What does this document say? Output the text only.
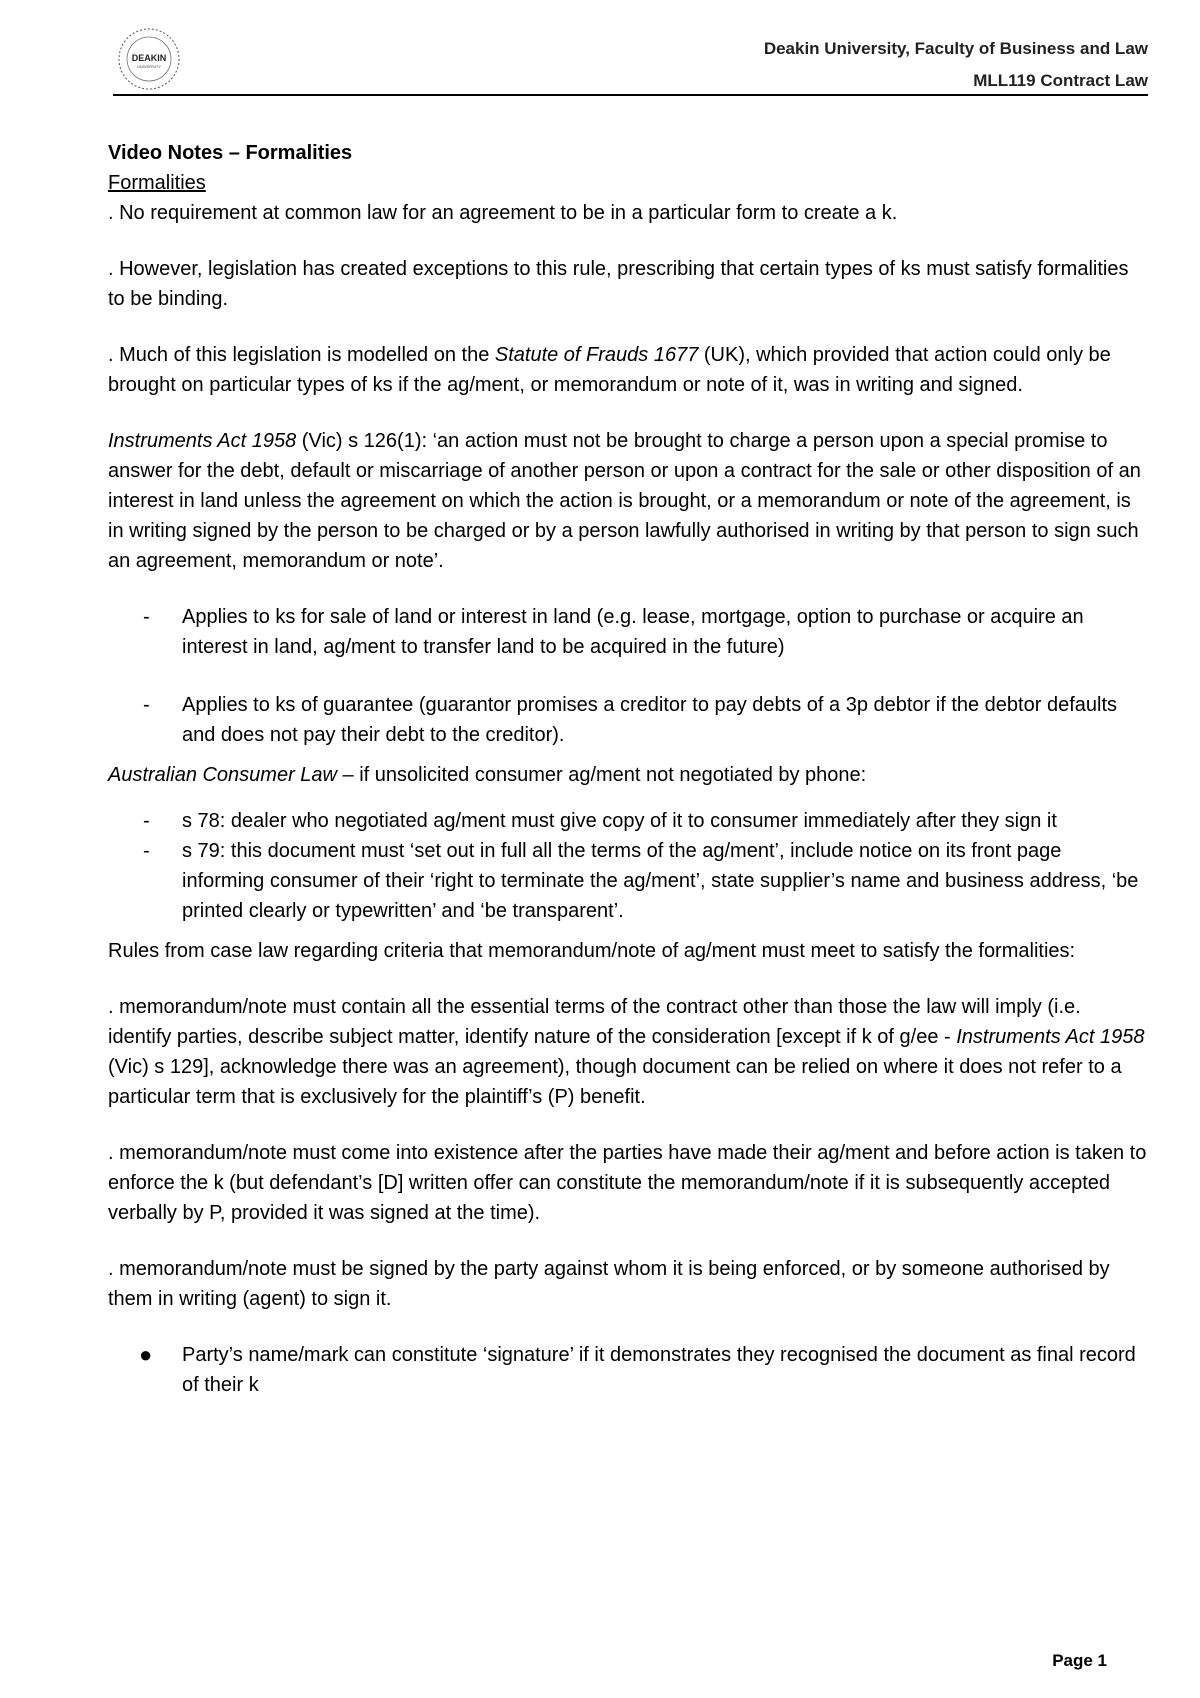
DEAKIN
UNIVERSITY
Deakin University, Faculty of Business and Law
MLL119 Contract Law

Video Notes – Formalities

Formalities

. No requirement at common law for an agreement to be in a particular form to create a k.

. However, legislation has created exceptions to this rule, prescribing that certain types of ks must satisfy formalities to be binding.

. Much of this legislation is modelled on the Statute of Frauds 1677 (UK), which provided that action could only be brought on particular types of ks if the ag/ment, or memorandum or note of it, was in writing and signed.

Instruments Act 1958 (Vic) s 126(1): ‘an action must not be brought to charge a person upon a special promise to answer for the debt, default or miscarriage of another person or upon a contract for the sale or other disposition of an interest in land unless the agreement on which the action is brought, or a memorandum or note of the agreement, is in writing signed by the person to be charged or by a person lawfully authorised in writing by that person to sign such an agreement, memorandum or note’.

- Applies to ks for sale of land or interest in land (e.g. lease, mortgage, option to purchase or acquire an interest in land, ag/ment to transfer land to be acquired in the future)
- Applies to ks of guarantee (guarantor promises a creditor to pay debts of a 3p debtor if the debtor defaults and does not pay their debt to the creditor).

Australian Consumer Law – if unsolicited consumer ag/ment not negotiated by phone:

- s 78: dealer who negotiated ag/ment must give copy of it to consumer immediately after they sign it
- s 79: this document must ‘set out in full all the terms of the ag/ment’, include notice on its front page informing consumer of their ‘right to terminate the ag/ment’, state supplier’s name and business address, ‘be printed clearly or typewritten’ and ‘be transparent’.

Rules from case law regarding criteria that memorandum/note of ag/ment must meet to satisfy the formalities:

. memorandum/note must contain all the essential terms of the contract other than those the law will imply (i.e. identify parties, describe subject matter, identify nature of the consideration [except if k of g/ee - Instruments Act 1958 (Vic) s 129], acknowledge there was an agreement), though document can be relied on where it does not refer to a particular term that is exclusively for the plaintiff’s (P) benefit.

. memorandum/note must come into existence after the parties have made their ag/ment and before action is taken to enforce the k (but defendant’s [D] written offer can constitute the memorandum/note if it is subsequently accepted verbally by P, provided it was signed at the time).

. memorandum/note must be signed by the party against whom it is being enforced, or by someone authorised by them in writing (agent) to sign it.

● Party’s name/mark can constitute ‘signature’ if it demonstrates they recognised the document as final record of their k
Page 1
